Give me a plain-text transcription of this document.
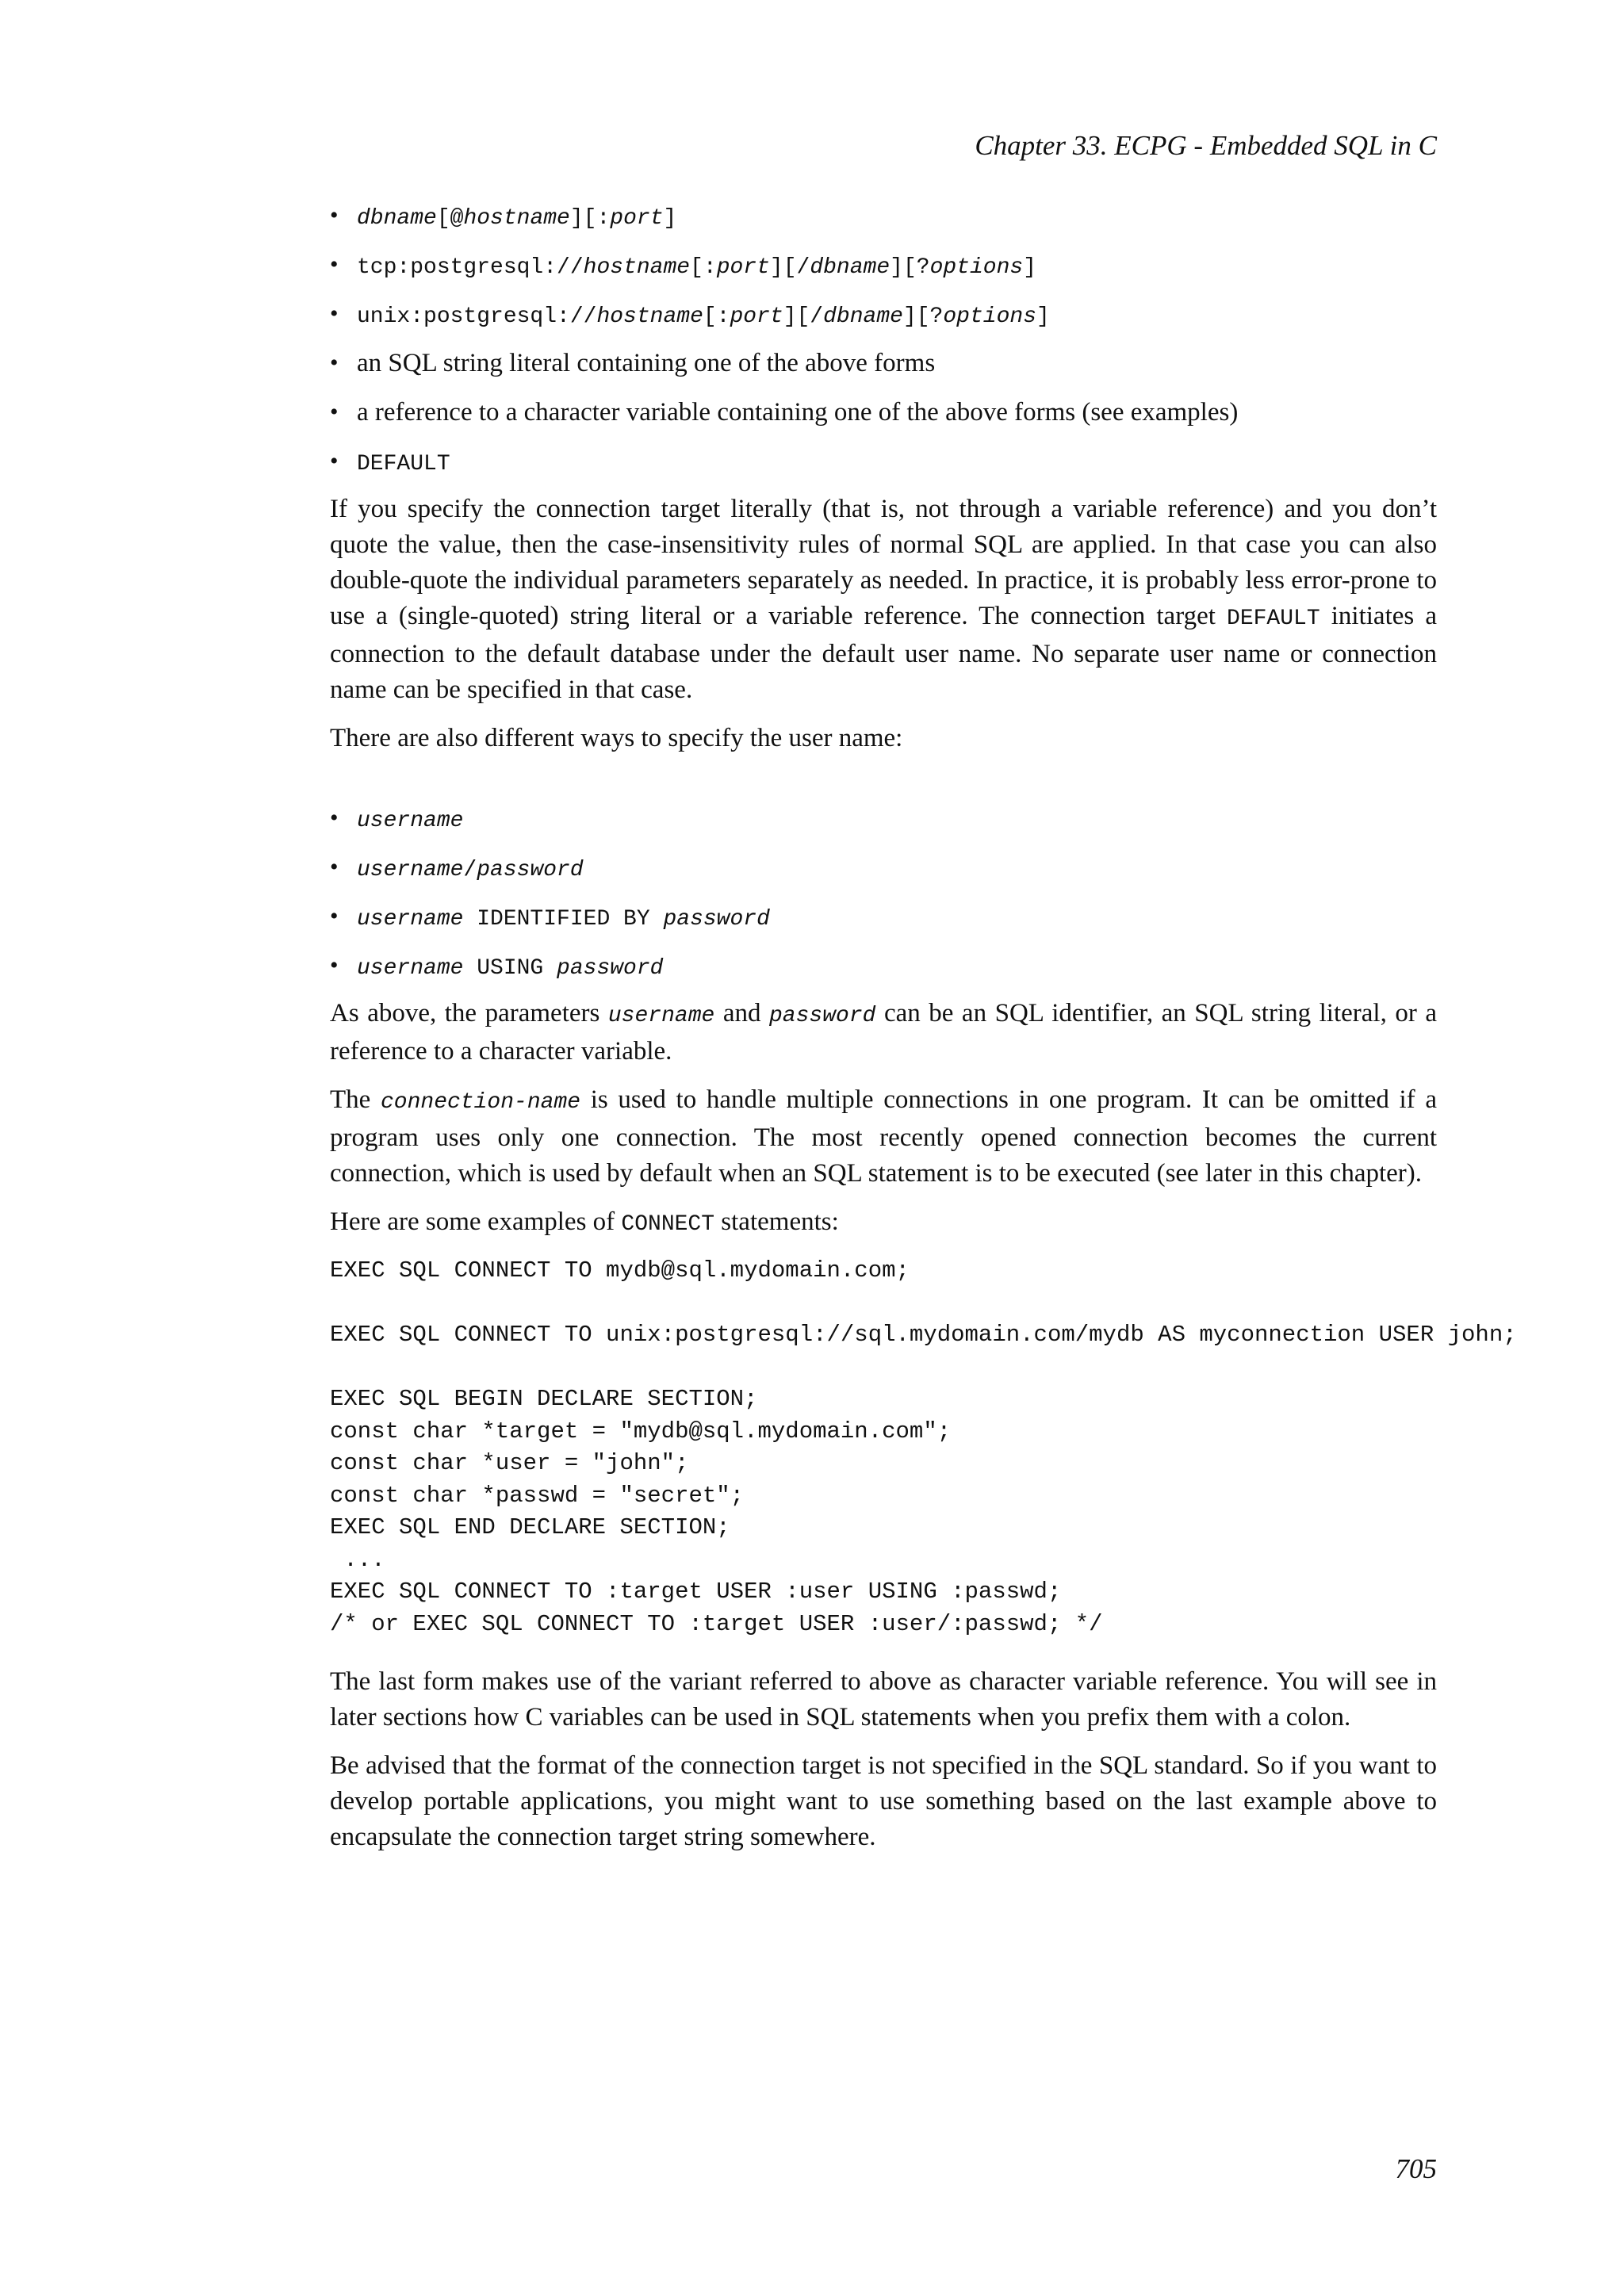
Chapter 33. ECPG - Embedded SQL in C
• dbname[@hostname][:port]
• tcp:postgresql://hostname[:port][/dbname][?options]
• unix:postgresql://hostname[:port][/dbname][?options]
• an SQL string literal containing one of the above forms
• a reference to a character variable containing one of the above forms (see examples)
• DEFAULT

If you specify the connection target literally (that is, not through a variable reference) and you don’t quote the value, then the case-insensitivity rules of normal SQL are applied. In that case you can also double-quote the individual parameters separately as needed. In practice, it is probably less error-prone to use a (single-quoted) string literal or a variable reference. The connection target DEFAULT initiates a connection to the default database under the default user name. No separate user name or connection name can be specified in that case.

There are also different ways to specify the user name:

• username
• username/password
• username IDENTIFIED BY password
• username USING password

As above, the parameters username and password can be an SQL identifier, an SQL string literal, or a reference to a character variable.

The connection-name is used to handle multiple connections in one program. It can be omitted if a program uses only one connection. The most recently opened connection becomes the current connection, which is used by default when an SQL statement is to be executed (see later in this chapter).

Here are some examples of CONNECT statements:

EXEC SQL CONNECT TO mydb@sql.mydomain.com;

EXEC SQL CONNECT TO unix:postgresql://sql.mydomain.com/mydb AS myconnection USER john;

EXEC SQL BEGIN DECLARE SECTION;
const char *target = "mydb@sql.mydomain.com";
const char *user = "john";
const char *passwd = "secret";
EXEC SQL END DECLARE SECTION;
...
EXEC SQL CONNECT TO :target USER :user USING :passwd;
/* or EXEC SQL CONNECT TO :target USER :user/:passwd; */

The last form makes use of the variant referred to above as character variable reference. You will see in later sections how C variables can be used in SQL statements when you prefix them with a colon.

Be advised that the format of the connection target is not specified in the SQL standard. So if you want to develop portable applications, you might want to use something based on the last example above to encapsulate the connection target string somewhere.

705
